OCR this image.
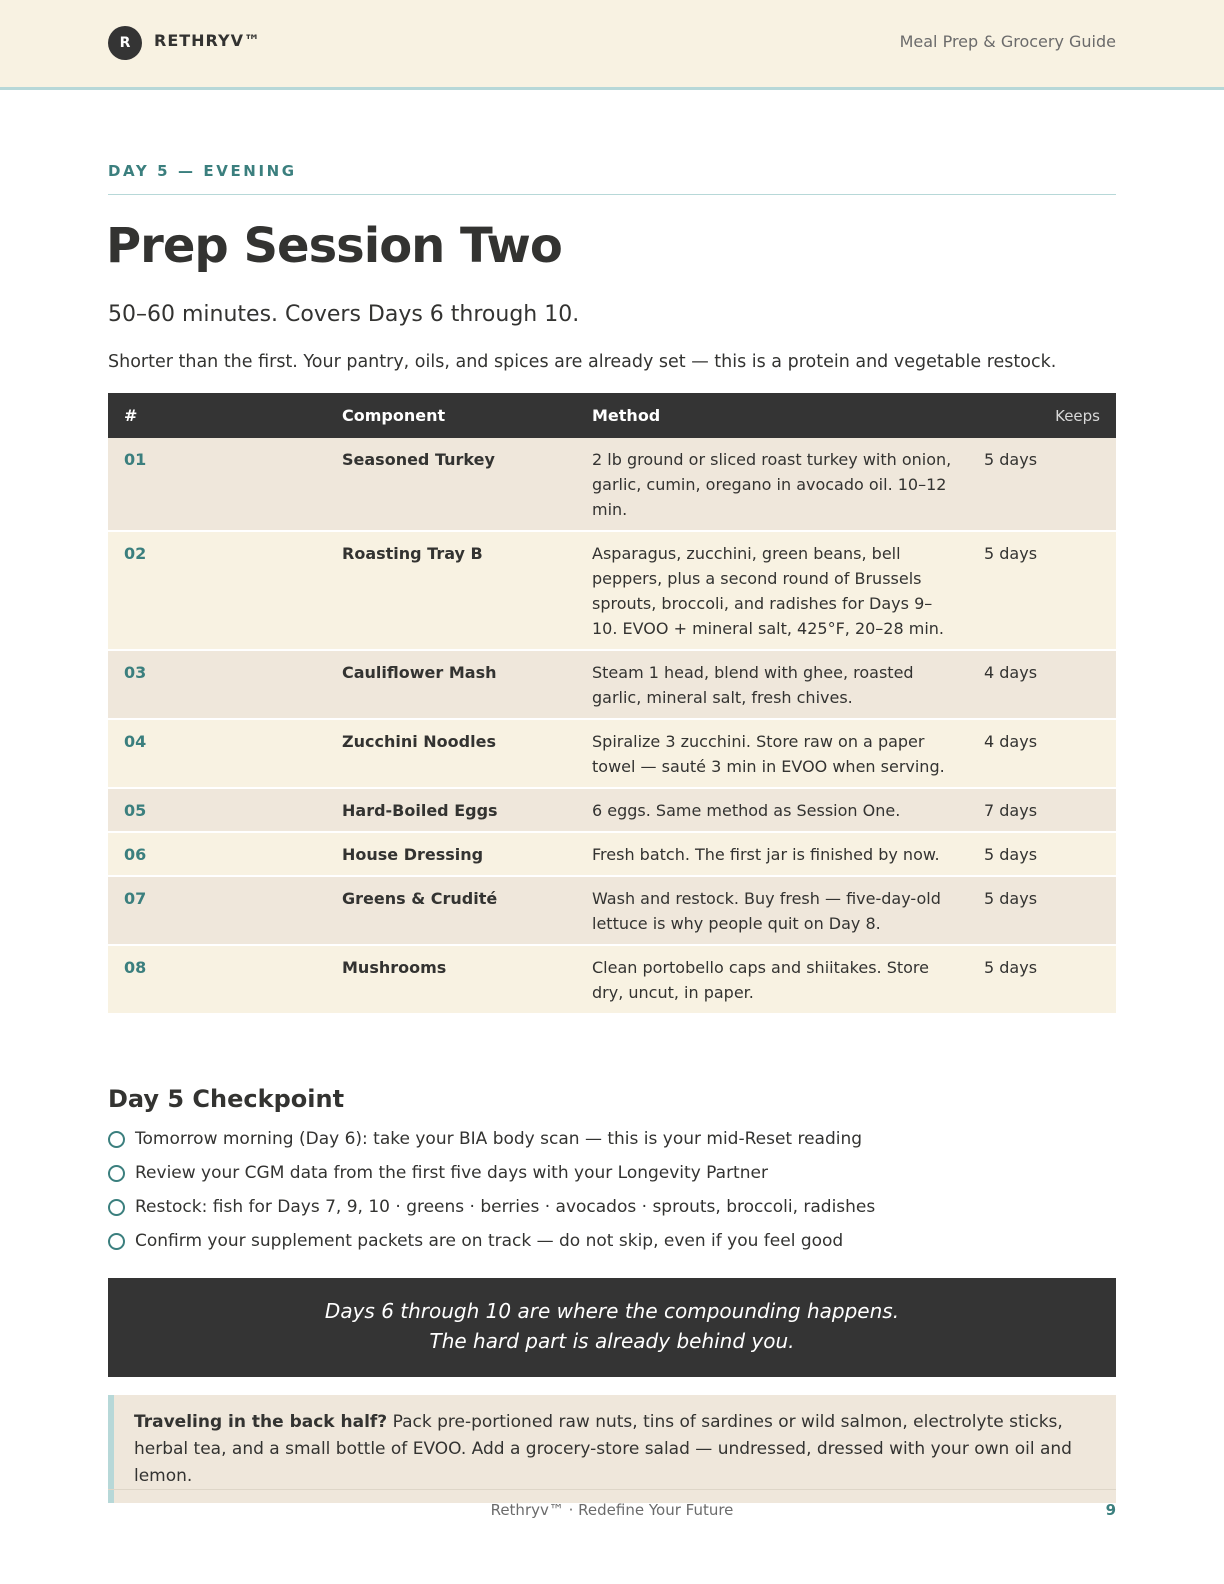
R	RETHRYV™	Meal Prep & Grocery Guide
DAY 5 — EVENING
Prep Session Two
50–60 minutes. Covers Days 6 through 10.
Shorter than the first. Your pantry, oils, and spices are already set — this is a protein and vegetable restock.
#	Component	Method	Keeps
01	Seasoned Turkey	2 lb ground or sliced roast turkey with onion, garlic, cumin, oregano in avocado oil. 10–12 min.	5 days
02	Roasting Tray B	Asparagus, zucchini, green beans, bell peppers, plus a second round of Brussels sprouts, broccoli, and radishes for Days 9–10. EVOO + mineral salt, 425°F, 20–28 min.	5 days
03	Cauliflower Mash	Steam 1 head, blend with ghee, roasted garlic, mineral salt, fresh chives.	4 days
04	Zucchini Noodles	Spiralize 3 zucchini. Store raw on a paper towel — sauté 3 min in EVOO when serving.	4 days
05	Hard-Boiled Eggs	6 eggs. Same method as Session One.	7 days
06	House Dressing	Fresh batch. The first jar is finished by now.	5 days
07	Greens & Crudité	Wash and restock. Buy fresh — five-day-old lettuce is why people quit on Day 8.	5 days
08	Mushrooms	Clean portobello caps and shiitakes. Store dry, uncut, in paper.	5 days
Day 5 Checkpoint
Tomorrow morning (Day 6): take your BIA body scan — this is your mid-Reset reading
Review your CGM data from the first five days with your Longevity Partner
Restock: fish for Days 7, 9, 10 · greens · berries · avocados · sprouts, broccoli, radishes
Confirm your supplement packets are on track — do not skip, even if you feel good
Days 6 through 10 are where the compounding happens.
The hard part is already behind you.
Traveling in the back half? Pack pre-portioned raw nuts, tins of sardines or wild salmon, electrolyte sticks, herbal tea, and a small bottle of EVOO. Add a grocery-store salad — undressed, dressed with your own oil and lemon.
Rethryv™ · Redefine Your Future	9
